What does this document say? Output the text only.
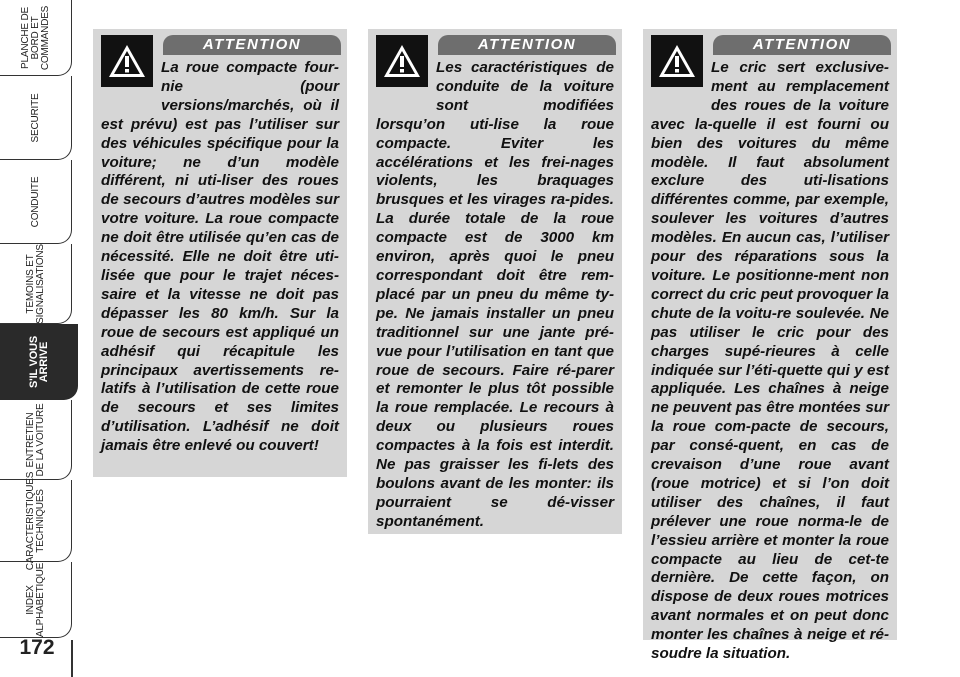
PLANCHE DE
BORD ET
COMMANDES
SECURITE
CONDUITE
TEMOINS ET
SIGNALISATIONS
S'IL VOUS
ARRIVE
ENTRETIEN
DE LA VOITURE
CARACTERISTIQUES
TECHNIQUES
INDEX
ALPHABETIQUE
172
ATTENTION

La roue compacte four-nie (pour versions/marchés, où il est prévu) est pas l’utiliser sur des véhicules spécifique pour la voiture; ne d’un modèle différent, ni uti-liser des roues de secours d’autres modèles sur votre voiture. La roue compacte ne doit être utilisée qu’en cas de nécessité. Elle ne doit être uti-lisée que pour le trajet néces-saire et la vitesse ne doit pas dépasser les 80 km/h. Sur la roue de secours est appliqué un adhésif qui récapitule les principaux avertissements re-latifs à l’utilisation de cette roue de secours et ses limites d’utilisation. L’adhésif ne doit jamais être enlevé ou couvert!

ATTENTION

Les caractéristiques de conduite de la voiture sont modifiées lorsqu’on uti-lise la roue compacte. Eviter les accélérations et les frei-nages violents, les braquages brusques et les virages ra-pides. La durée totale de la roue compacte est de 3000 km environ, après quoi le pneu correspondant doit être rem-placé par un pneu du même ty-pe. Ne jamais installer un pneu traditionnel sur une jante pré-vue pour l’utilisation en tant que roue de secours. Faire ré-parer et remonter le plus tôt possible la roue remplacée. Le recours à deux ou plusieurs roues compactes à la fois est interdit. Ne pas graisser les fi-lets des boulons avant de les monter: ils pourraient se dé-visser spontanément.

ATTENTION

Le cric sert exclusive-ment au remplacement des roues de la voiture avec la-quelle il est fourni ou bien des voitures du même modèle. Il faut absolument exclure des uti-lisations différentes comme, par exemple, soulever les voitures d’autres modèles. En aucun cas, l’utiliser pour des réparations sous la voiture. Le positionne-ment non correct du cric peut provoquer la chute de la voitu-re soulevée. Ne pas utiliser le cric pour des charges supé-rieures à celle indiquée sur l’éti-quette qui y est appliquée. Les chaînes à neige ne peuvent pas être montées sur la roue com-pacte de secours, par consé-quent, en cas de crevaison d’une roue avant (roue motrice) et si l’on doit utiliser des chaînes, il faut prélever une roue norma-le de l’essieu arrière et monter la roue compacte au lieu de cet-te dernière. De cette façon, on dispose de deux roues motrices avant normales et on peut donc monter les chaînes à neige et ré-soudre la situation.
